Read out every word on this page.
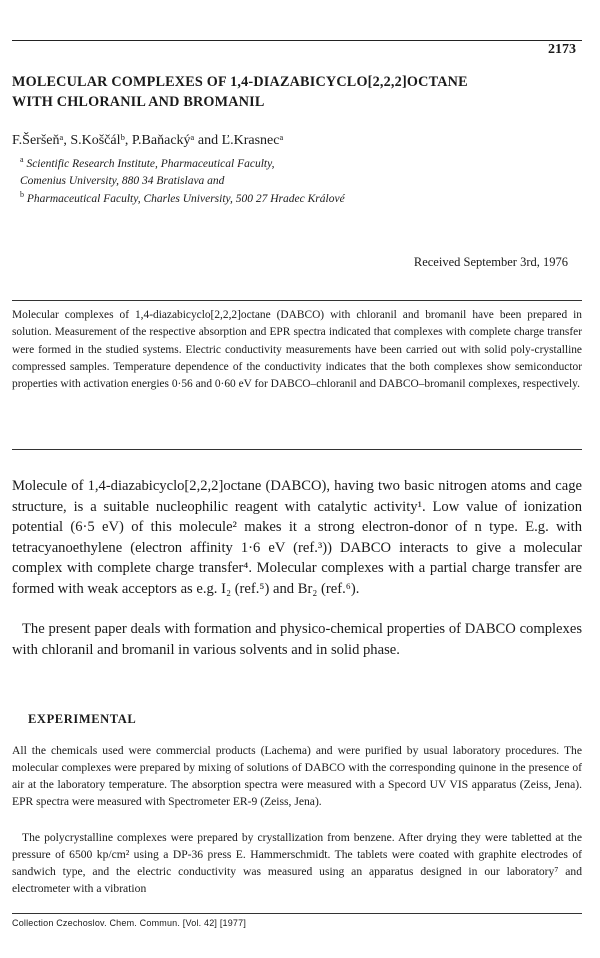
2173
MOLECULAR COMPLEXES OF 1,4-DIAZABICYCLO[2,2,2]OCTANE
WITH CHLORANIL AND BROMANIL
F.Šeršeňᵃ, S.Koščálᵇ, P.Baňackýᵃ and Ľ.Krasnecᵃ
$^a$ Scientific Research Institute, Pharmaceutical Faculty,
Comenius University, 880 34 Bratislava and
$^b$ Pharmaceutical Faculty, Charles University, 500 27 Hradec Králové
Received September 3rd, 1976

Molecular complexes of 1,4-diazabicyclo[2,2,2]octane (DABCO) with chloranil and bromanil have been prepared in solution. Measurement of the respective absorption and EPR spectra indicated that complexes with complete charge transfer were formed in the studied systems. Electric conductivity measurements have been carried out with solid poly-crystalline compressed samples. Temperature dependence of the conductivity indicates that the both complexes show semiconductor properties with activation energies 0·56 and 0·60 eV for DABCO–chloranil and DABCO–bromanil complexes, respectively.

Molecule of 1,4-diazabicyclo[2,2,2]octane (DABCO), having two basic nitrogen atoms and cage structure, is a suitable nucleophilic reagent with catalytic activity¹. Low value of ionization potential (6·5 eV) of this molecule² makes it a strong electron-donor of n type. E.g. with tetracyanoethylene (electron affinity 1·6 eV (ref.³)) DABCO interacts to give a molecular complex with complete charge transfer⁴. Molecular complexes with a partial charge transfer are formed with weak acceptors as e.g. I₂ (ref.⁵) and Br₂ (ref.⁶).

The present paper deals with formation and physico-chemical properties of DABCO complexes with chloranil and bromanil in various solvents and in solid phase.

EXPERIMENTAL

All the chemicals used were commercial products (Lachema) and were purified by usual laboratory procedures. The molecular complexes were prepared by mixing of solutions of DABCO with the corresponding quinone in the presence of air at the laboratory temperature. The absorption spectra were measured with a Specord UV VIS apparatus (Zeiss, Jena). EPR spectra were measured with Spectrometer ER-9 (Zeiss, Jena).

The polycrystalline complexes were prepared by crystallization from benzene. After drying they were tabletted at the pressure of 6500 kp/cm² using a DP-36 press E. Hammerschmidt. The tablets were coated with graphite electrodes of sandwich type, and the electric conductivity was measured using an apparatus designed in our laboratory⁷ and electrometer with a vibration

Collection Czechoslov. Chem. Commun. [Vol. 42] [1977]
